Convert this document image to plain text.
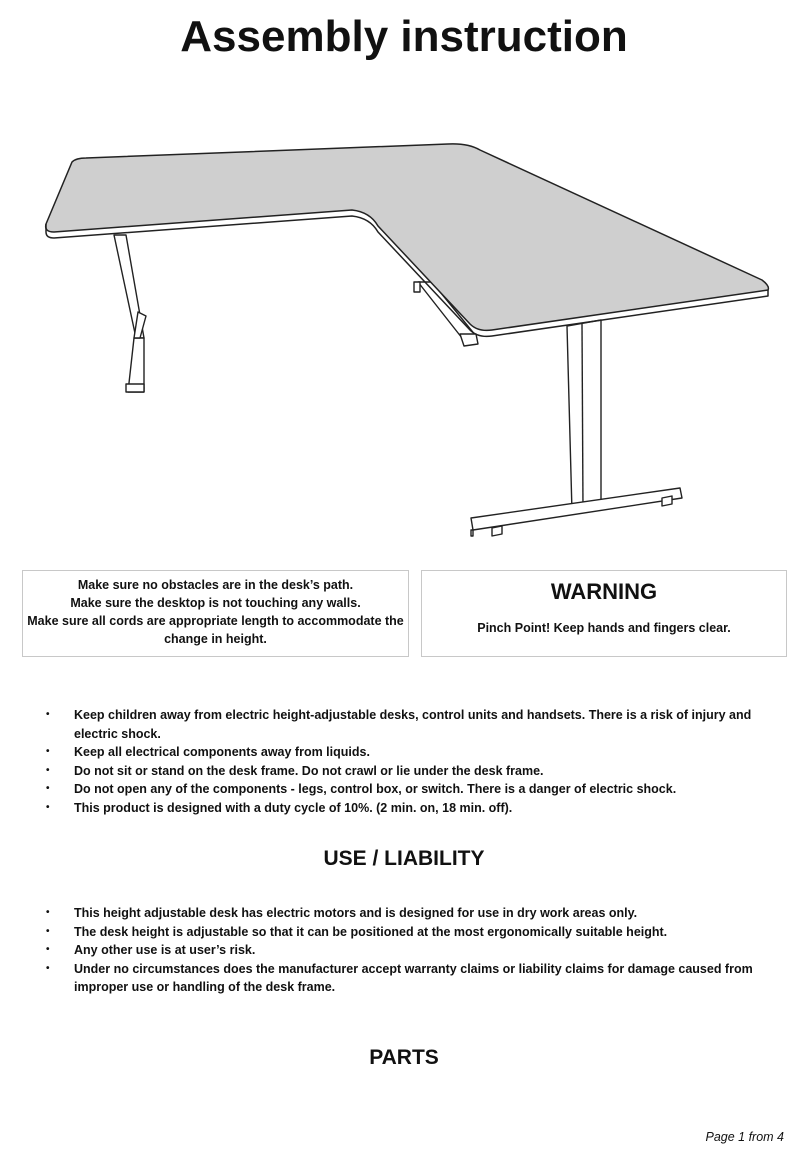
Assembly instruction

Make sure no obstacles are in the desk’s path.

Make sure the desktop is not touching any walls.

Make sure all cords are appropriate length to accommodate the change in height.

WARNING
Pinch Point! Keep hands and fingers clear.
• Keep children away from electric height-adjustable desks, control units and handsets. There is a risk of injury and electric shock.
• Keep all electrical components away from liquids.
• Do not sit or stand on the desk frame. Do not crawl or lie under the desk frame.
• Do not open any of the components - legs, control box, or switch. There is a danger of electric shock.
• This product is designed with a duty cycle of 10%. (2 min. on, 18 min. off).
USE / LIABILITY
• This height adjustable desk has electric motors and is designed for use in dry work areas only.
• The desk height is adjustable so that it can be positioned at the most ergonomically suitable height.
• Any other use is at user’s risk.
• Under no circumstances does the manufacturer accept warranty claims or liability claims for damage caused from improper use or handling of the desk frame.
PARTS
Page 1 from 4
